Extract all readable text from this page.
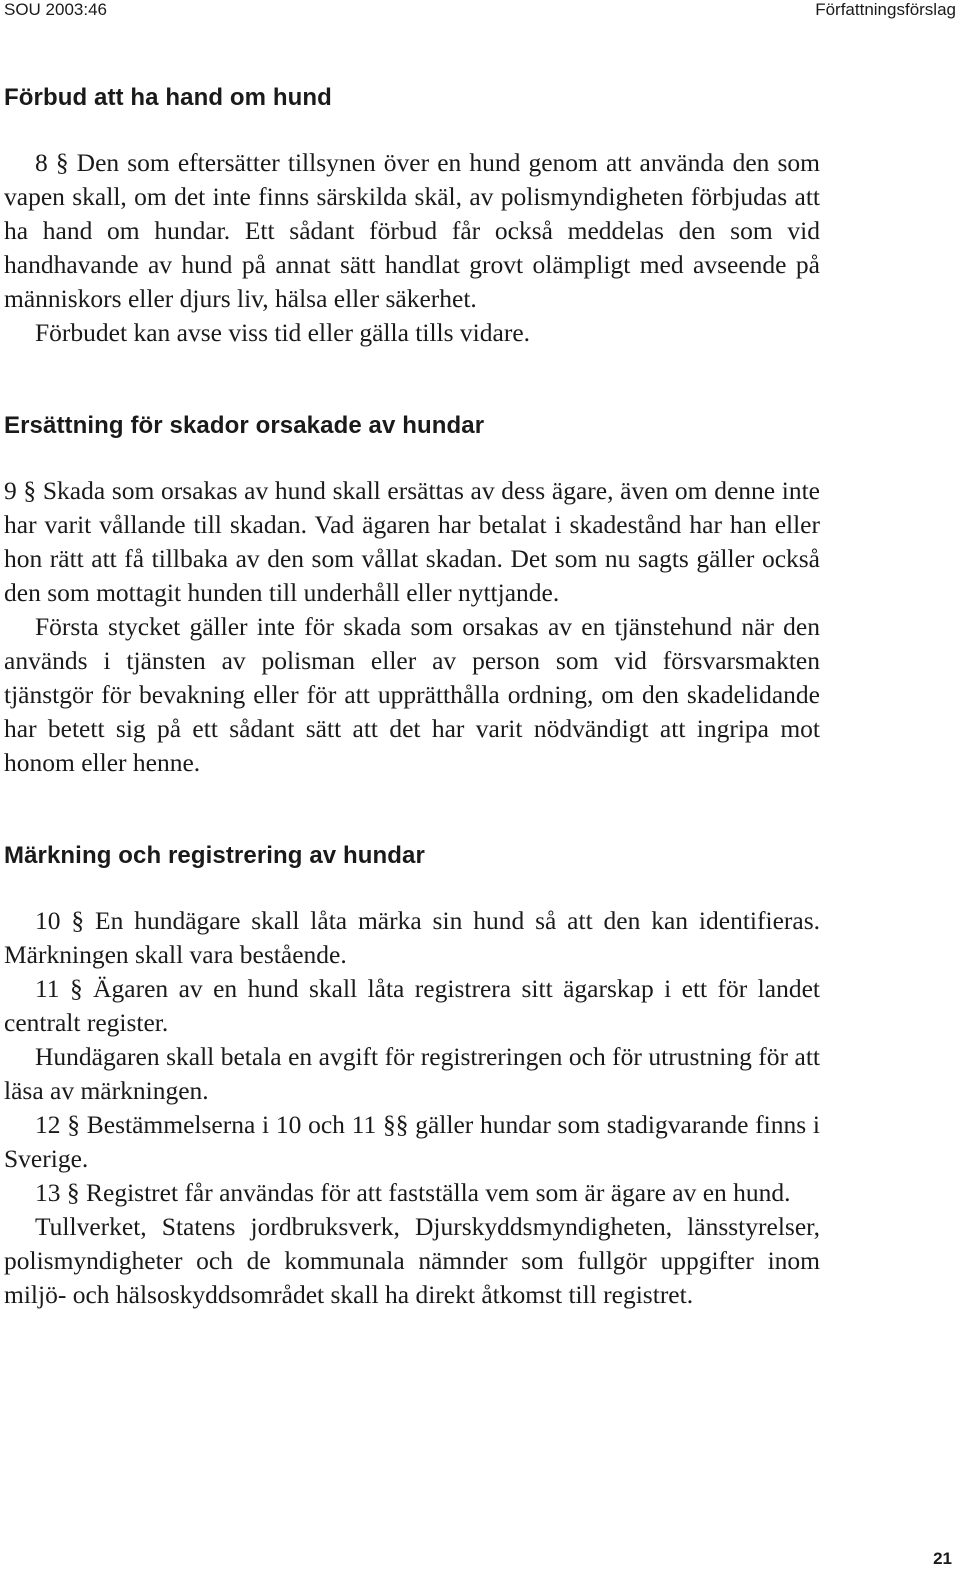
SOU 2003:46	Författningsförslag
Förbud att ha hand om hund

8 § Den som eftersätter tillsynen över en hund genom att använda den som vapen skall, om det inte finns särskilda skäl, av polismyndigheten förbjudas att ha hand om hundar. Ett sådant förbud får också meddelas den som vid handhavande av hund på annat sätt handlat grovt olämpligt med avseende på människors eller djurs liv, hälsa eller säkerhet.

Förbudet kan avse viss tid eller gälla tills vidare.

Ersättning för skador orsakade av hundar

9 § Skada som orsakas av hund skall ersättas av dess ägare, även om denne inte har varit vållande till skadan. Vad ägaren har betalat i skadestånd har han eller hon rätt att få tillbaka av den som vållat skadan. Det som nu sagts gäller också den som mottagit hunden till underhåll eller nyttjande.

Första stycket gäller inte för skada som orsakas av en tjänstehund när den används i tjänsten av polisman eller av person som vid försvarsmakten tjänstgör för bevakning eller för att upprätthålla ordning, om den skadelidande har betett sig på ett sådant sätt att det har varit nödvändigt att ingripa mot honom eller henne.

Märkning och registrering av hundar

10 § En hundägare skall låta märka sin hund så att den kan identifieras. Märkningen skall vara bestående.

11 § Ägaren av en hund skall låta registrera sitt ägarskap i ett för landet centralt register.

Hundägaren skall betala en avgift för registreringen och för utrustning för att läsa av märkningen.

12 § Bestämmelserna i 10 och 11 §§ gäller hundar som stadigvarande finns i Sverige.

13 § Registret får användas för att fastställa vem som är ägare av en hund.

Tullverket, Statens jordbruksverk, Djurskyddsmyndigheten, länsstyrelser, polismyndigheter och de kommunala nämnder som fullgör uppgifter inom miljö- och hälsoskyddsområdet skall ha direkt åtkomst till registret.

21
